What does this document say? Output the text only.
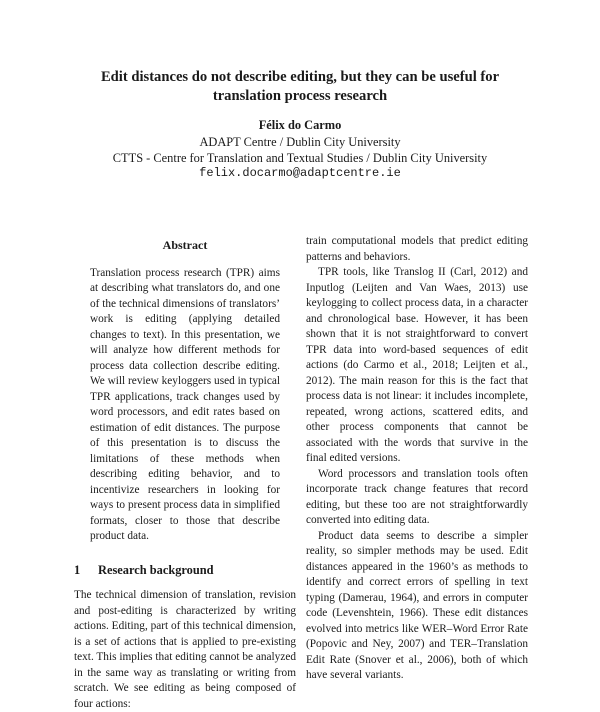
Edit distances do not describe editing, but they can be useful for translation process research
Félix do Carmo
ADAPT Centre / Dublin City University
CTTS - Centre for Translation and Textual Studies / Dublin City University
felix.docarmo@adaptcentre.ie
Abstract

Translation process research (TPR) aims at describing what translators do, and one of the technical dimensions of translators’ work is editing (applying detailed changes to text). In this presentation, we will analyze how different methods for process data collection describe editing. We will review keyloggers used in typical TPR applications, track changes used by word processors, and edit rates based on estimation of edit distances. The purpose of this presentation is to discuss the limitations of these methods when describing editing behavior, and to incentivize researchers in looking for ways to present process data in simplified formats, closer to those that describe product data.

1 Research background

The technical dimension of translation, revision and post-editing is characterized by writing actions. Editing, part of this technical dimension, is a set of actions that is applied to pre-existing text. This implies that editing cannot be analyzed in the same way as translating or writing from scratch. We see editing as being composed of four actions:

train computational models that predict editing patterns and behaviors.

TPR tools, like Translog II (Carl, 2012) and Inputlog (Leijten and Van Waes, 2013) use keylogging to collect process data, in a character and chronological base. However, it has been shown that it is not straightforward to convert TPR data into word-based sequences of edit actions (do Carmo et al., 2018; Leijten et al., 2012). The main reason for this is the fact that process data is not linear: it includes incomplete, repeated, wrong actions, scattered edits, and other process components that cannot be associated with the words that survive in the final edited versions.

Word processors and translation tools often incorporate track change features that record editing, but these too are not straightforwardly converted into editing data.

Product data seems to describe a simpler reality, so simpler methods may be used. Edit distances appeared in the 1960’s as methods to identify and correct errors of spelling in text typing (Damerau, 1964), and errors in computer code (Levenshtein, 1966). These edit distances evolved into metrics like WER–Word Error Rate (Popovic and Ney, 2007) and TER–Translation Edit Rate (Snover et al., 2006), both of which have several variants.
